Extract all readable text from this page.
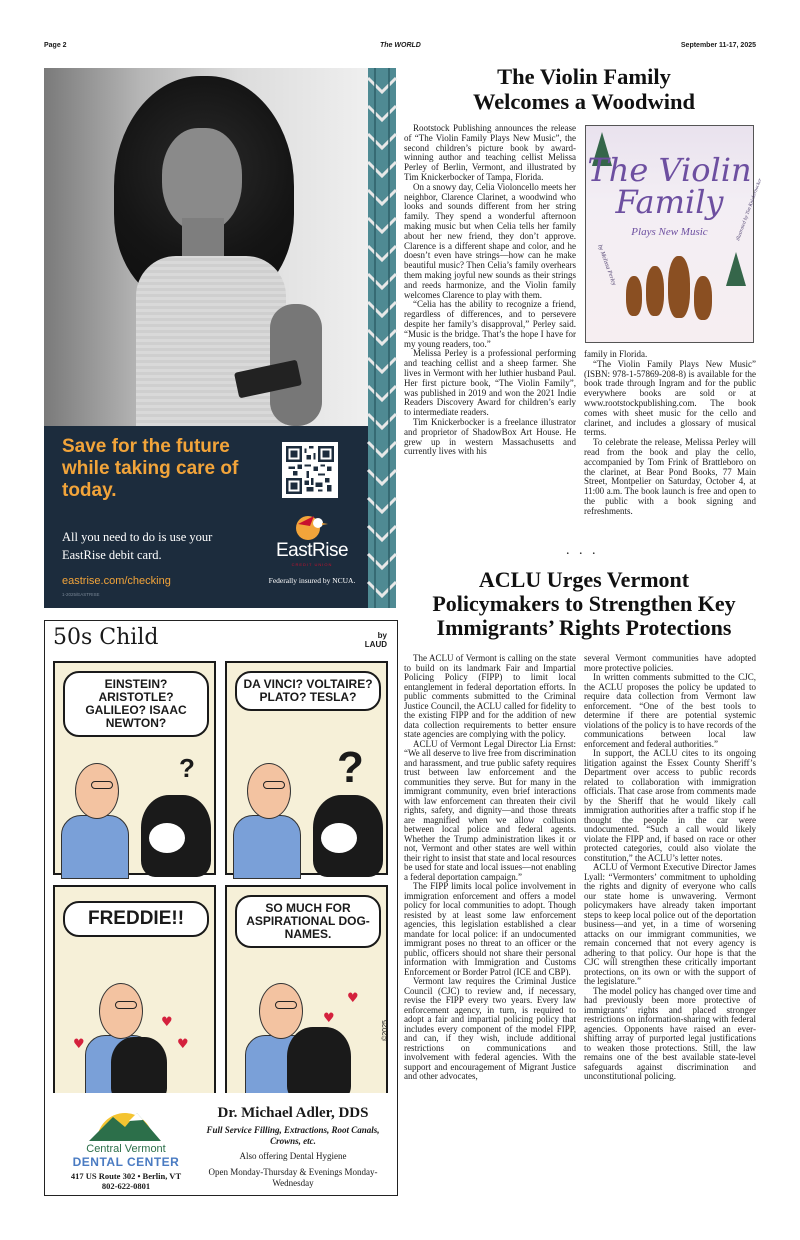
Page 2	The WORLD	September 11-17, 2025
Save for the future while taking care of today.
All you need to do is use your EastRise debit card.
eastrise.com/checking
1-2025/EASTRISE
EastRise
CREDIT UNION
Federally insured by NCUA.
The Violin Family
Welcomes a Woodwind

Rootstock Publishing announces the release of “The Violin Family Plays New Music”, the second children’s picture book by award-winning author and teaching cellist Melissa Perley of Berlin, Vermont, and illustrated by Tim Knickerbocker of Tampa, Florida.

On a snowy day, Celia Violoncello meets her neighbor, Clarence Clarinet, a woodwind who looks and sounds different from her string family. They spend a wonderful afternoon making music but when Celia tells her family about her new friend, they don’t approve. Clarence is a different shape and color, and he doesn’t even have strings—how can he make beautiful music? Then Celia’s family overhears them making joyful new sounds as their strings and reeds harmonize, and the Violin family welcomes Clarence to play with them.

“Celia has the ability to recognize a friend, regardless of differences, and to persevere despite her family’s disapproval,” Perley said. “Music is the bridge. That’s the hope I have for my young readers, too.”

Melissa Perley is a professional performing and teaching cellist and a sheep farmer. She lives in Vermont with her luthier husband Paul. Her first picture book, “The Violin Family”, was published in 2019 and won the 2021 Indie Readers Discovery Award for children’s early to intermediate readers.

Tim Knickerbocker is a freelance illustrator and proprietor of ShadowBox Art House. He grew up in western Massachusetts and currently lives with his

The Violin
Family
Plays New Music
by Melissa Perley
illustrated by Tim Knickerbocker

family in Florida.

“The Violin Family Plays New Music” (ISBN: 978-1-57869-208-8) is available for the book trade through Ingram and for the public everywhere books are sold or at www.rootstockpublishing.com. The book comes with sheet music for the cello and clarinet, and includes a glossary of musical terms.

To celebrate the release, Melissa Perley will read from the book and play the cello, accompanied by Tom Frink of Brattleboro on the clarinet, at Bear Pond Books, 77 Main Street, Montpelier on Saturday, October 4, at 11:00 a.m. The book launch is free and open to the public with a book signing and refreshments.

. . .
ACLU Urges Vermont
Policymakers to Strengthen Key
Immigrants’ Rights Protections

The ACLU of Vermont is calling on the state to build on its landmark Fair and Impartial Policing Policy (FIPP) to limit local entanglement in federal deportation efforts. In public comments submitted to the Criminal Justice Council, the ACLU called for fidelity to the existing FIPP and for the addition of new data collection requirements to better ensure state agencies are complying with the policy.

ACLU of Vermont Legal Director Lia Ernst: “We all deserve to live free from discrimination and harassment, and true public safety requires trust between law enforcement and the communities they serve. But for many in the immigrant community, even brief interactions with law enforcement can threaten their civil rights, safety, and dignity—and those threats are magnified when we allow collusion between local police and federal agents. Whether the Trump administration likes it or not, Vermont and other states are well within their right to insist that state and local resources be used for state and local issues—not enabling a federal deportation campaign.”

The FIPP limits local police involvement in immigration enforcement and offers a model policy for local communities to adopt. Though resisted by at least some law enforcement agencies, this legislation established a clear mandate for local police: if an undocumented immigrant poses no threat to an officer or the public, officers should not share their personal information with Immigration and Customs Enforcement or Border Patrol (ICE and CBP).

Vermont law requires the Criminal Justice Council (CJC) to review and, if necessary, revise the FIPP every two years. Every law enforcement agency, in turn, is required to adopt a fair and impartial policing policy that includes every component of the model FIPP, and can, if they wish, include additional restrictions on communications and involvement with federal agencies. With the support and encouragement of Migrant Justice and other advocates,

several Vermont communities have adopted more protective policies.

In written comments submitted to the CJC, the ACLU proposes the policy be updated to require data collection from Vermont law enforcement. “One of the best tools to determine if there are potential systemic violations of the policy is to have records of the communications between local law enforcement and federal authorities.”

In support, the ACLU cites to its ongoing litigation against the Essex County Sheriff’s Department over access to public records related to collaboration with immigration officials. That case arose from comments made by the Sheriff that he would likely call immigration authorities after a traffic stop if he thought the people in the car were undocumented. “Such a call would likely violate the FIPP and, if based on race or other protected categories, could also violate the constitution,” the ACLU’s letter notes.

ACLU of Vermont Executive Director James Lyall: “Vermonters’ commitment to upholding the rights and dignity of everyone who calls our state home is unwavering. Vermont policymakers have already taken important steps to keep local police out of the deportation business—and yet, in a time of worsening attacks on our immigrant communities, we remain concerned that not every agency is adhering to that policy. Our hope is that the CJC will strengthen these critically important protections, on its own or with the support of the legislature.”

The model policy has changed over time and had previously been more protective of immigrants’ rights and placed stronger restrictions on information-sharing with federal agencies. Opponents have raised an ever-shifting array of purported legal justifications to weaken those protections. Still, the law remains one of the best available state-level safeguards against discrimination and unconstitutional policing.

50s Child	by
LAUD
EINSTEIN? ARISTOTLE? GALILEO? ISAAC NEWTON?
?
DA VINCI? VOLTAIRE? PLATO? TESLA?
?
FREDDIE!!
♥
♥
♥
SO MUCH FOR ASPIRATIONAL DOG-NAMES.
♥
♥
©2025
Central Vermont
DENTAL CENTER
417 US Route 302 • Berlin, VT
802-622-0801
Dr. Michael Adler, DDS
Full Service Filling, Extractions, Root Canals, Crowns, etc.
Also offering Dental Hygiene
Open Monday-Thursday & Evenings Monday-Wednesday
